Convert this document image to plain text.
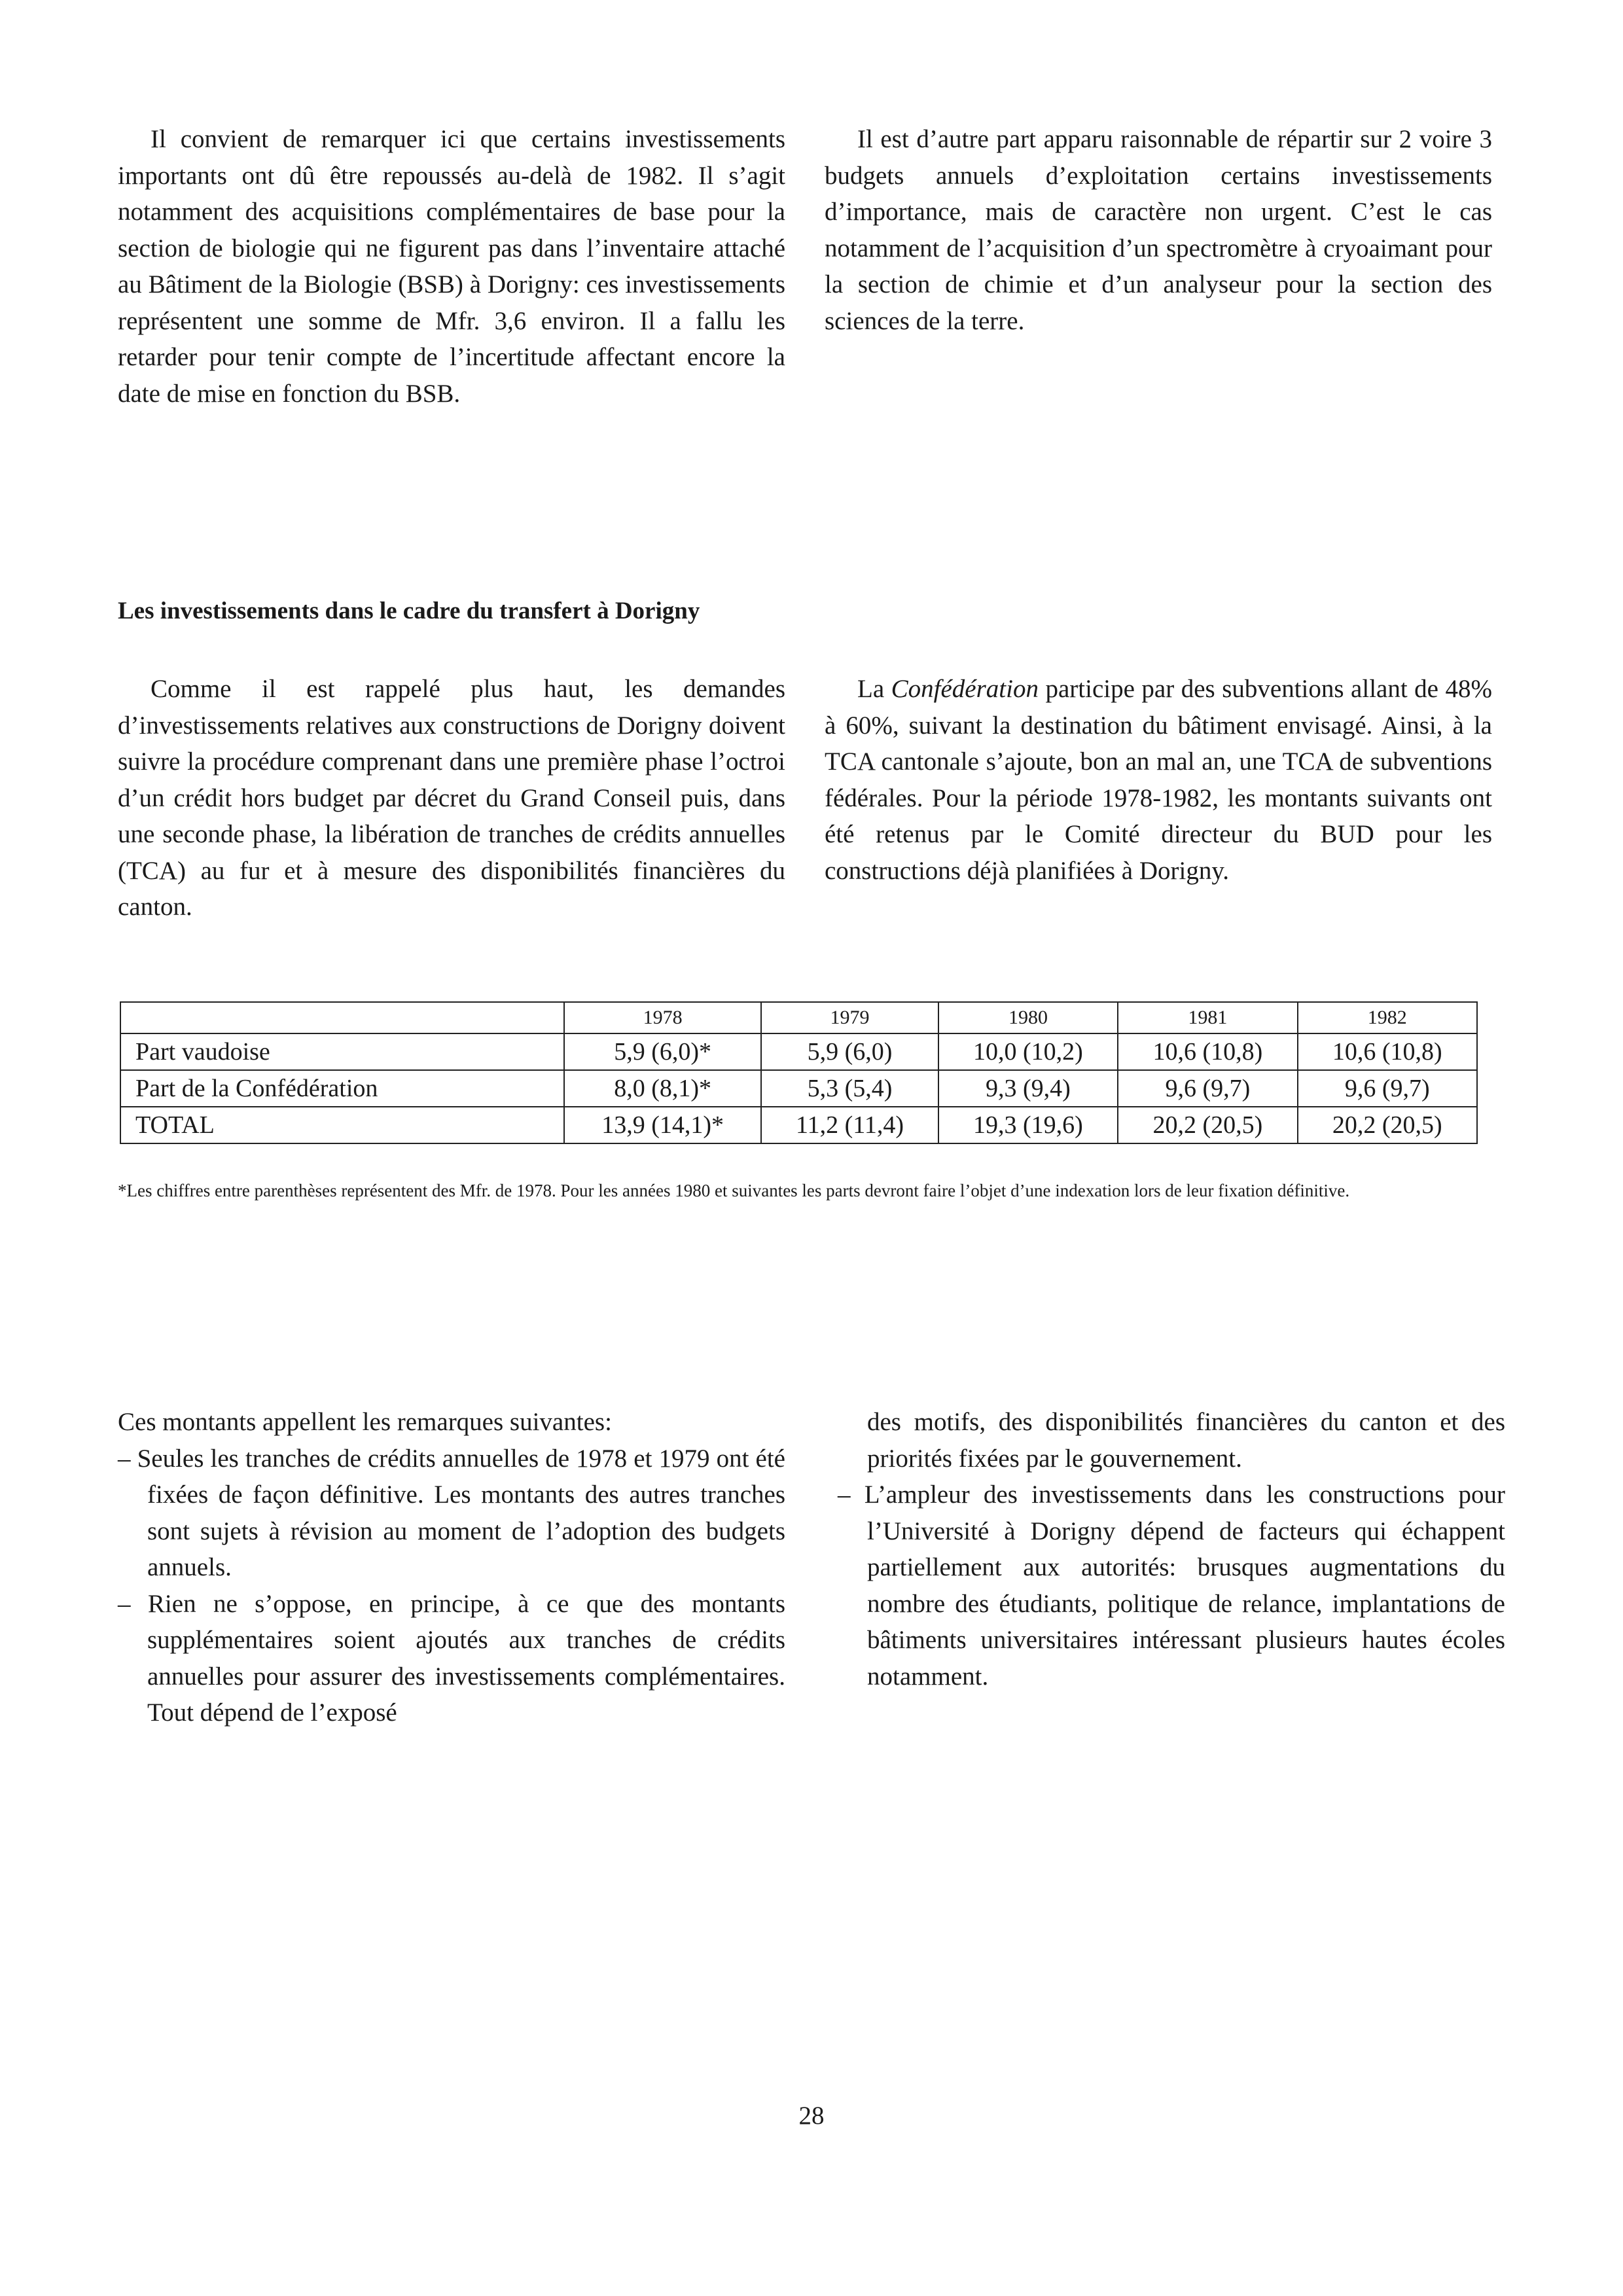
Il convient de remarquer ici que certains investissements importants ont dû être repoussés au-delà de 1982. Il s’agit notamment des acquisitions complémentaires de base pour la section de biologie qui ne figurent pas dans l’inventaire attaché au Bâtiment de la Biologie (BSB) à Dorigny: ces investissements représentent une somme de Mfr. 3,6 environ. Il a fallu les retarder pour tenir compte de l’incertitude affectant encore la date de mise en fonction du BSB.

Il est d’autre part apparu raisonnable de répartir sur 2 voire 3 budgets annuels d’exploitation certains investissements d’importance, mais de caractère non urgent. C’est le cas notamment de l’acquisition d’un spectromètre à cryoaimant pour la section de chimie et d’un analyseur pour la section des sciences de la terre.

Les investissements dans le cadre du transfert à Dorigny

Comme il est rappelé plus haut, les demandes d’investissements relatives aux constructions de Dorigny doivent suivre la procédure comprenant dans une première phase l’octroi d’un crédit hors budget par décret du Grand Conseil puis, dans une seconde phase, la libération de tranches de crédits annuelles (TCA) au fur et à mesure des disponibilités financières du canton.

La Confédération participe par des subventions allant de 48% à 60%, suivant la destination du bâtiment envisagé. Ainsi, à la TCA cantonale s’ajoute, bon an mal an, une TCA de subventions fédérales. Pour la période 1978-1982, les montants suivants ont été retenus par le Comité directeur du BUD pour les constructions déjà planifiées à Dorigny.

	1978	1979	1980	1981	1982
Part vaudoise	5,9 (6,0)*	5,9 (6,0)	10,0 (10,2)	10,6 (10,8)	10,6 (10,8)
Part de la Confédération	8,0 (8,1)*	5,3 (5,4)	9,3 (9,4)	9,6 (9,7)	9,6 (9,7)
TOTAL	13,9 (14,1)*	11,2 (11,4)	19,3 (19,6)	20,2 (20,5)	20,2 (20,5)

*Les chiffres entre parenthèses représentent des Mfr. de 1978. Pour les années 1980 et suivantes les parts devront faire l’objet d’une indexation lors de leur fixation définitive.

Ces montants appellent les remarques suivantes:

– Seules les tranches de crédits annuelles de 1978 et 1979 ont été fixées de façon définitive. Les montants des autres tranches sont sujets à révision au moment de l’adoption des budgets annuels.

– Rien ne s’oppose, en principe, à ce que des montants supplémentaires soient ajoutés aux tranches de crédits annuelles pour assurer des investissements complémentaires. Tout dépend de l’exposé

des motifs, des disponibilités financières du canton et des priorités fixées par le gouvernement.

– L’ampleur des investissements dans les constructions pour l’Université à Dorigny dépend de facteurs qui échappent partiellement aux autorités: brusques augmentations du nombre des étudiants, politique de relance, implantations de bâtiments universitaires intéressant plusieurs hautes écoles notamment.

28
